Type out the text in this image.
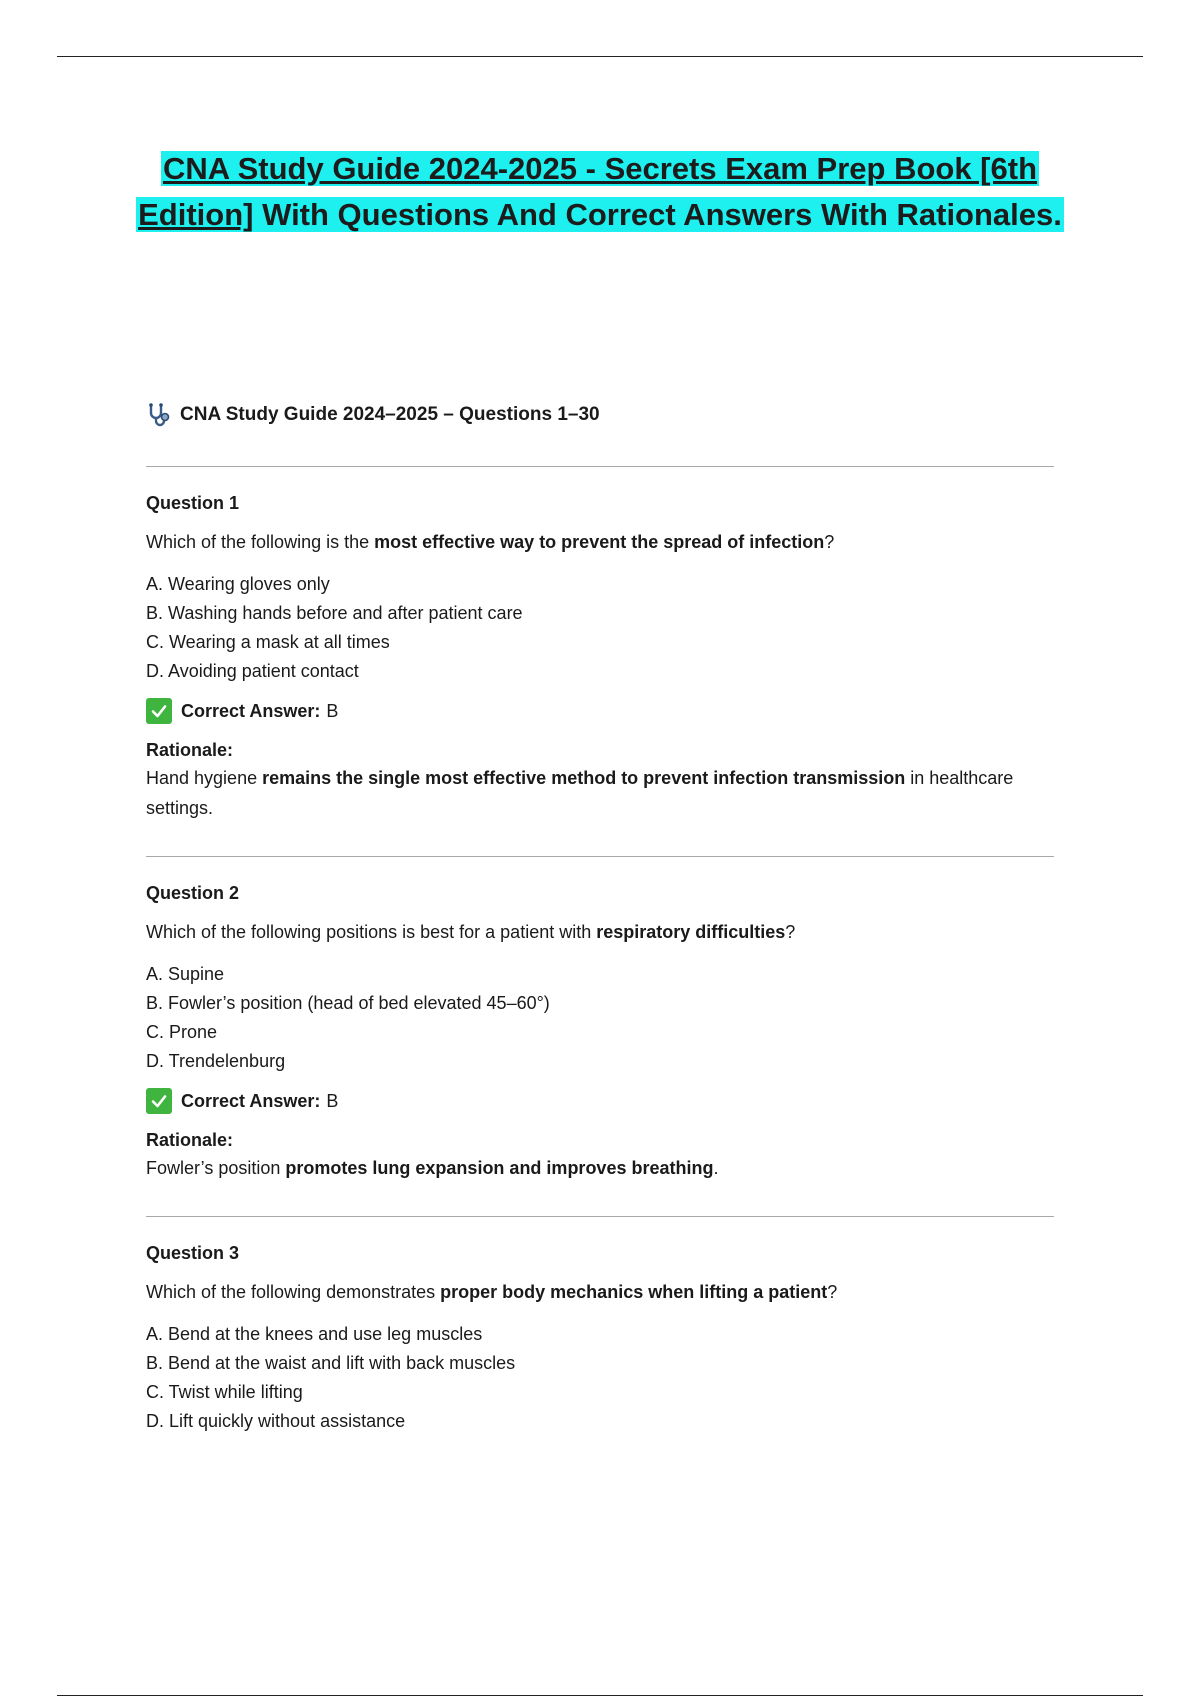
CNA Study Guide 2024-2025 - Secrets Exam Prep Book [6th
Edition] With Questions And Correct Answers With Rationales.
CNA Study Guide 2024–2025 – Questions 1–30
Question 1
Which of the following is the most effective way to prevent the spread of infection?
A. Wearing gloves only
B. Washing hands before and after patient care
C. Wearing a mask at all times
D. Avoiding patient contact
Correct Answer: B
Rationale:
Hand hygiene remains the single most effective method to prevent infection transmission in healthcare settings.
Question 2
Which of the following positions is best for a patient with respiratory difficulties?
A. Supine
B. Fowler’s position (head of bed elevated 45–60°)
C. Prone
D. Trendelenburg
Correct Answer: B
Rationale:
Fowler’s position promotes lung expansion and improves breathing.
Question 3
Which of the following demonstrates proper body mechanics when lifting a patient?
A. Bend at the knees and use leg muscles
B. Bend at the waist and lift with back muscles
C. Twist while lifting
D. Lift quickly without assistance
